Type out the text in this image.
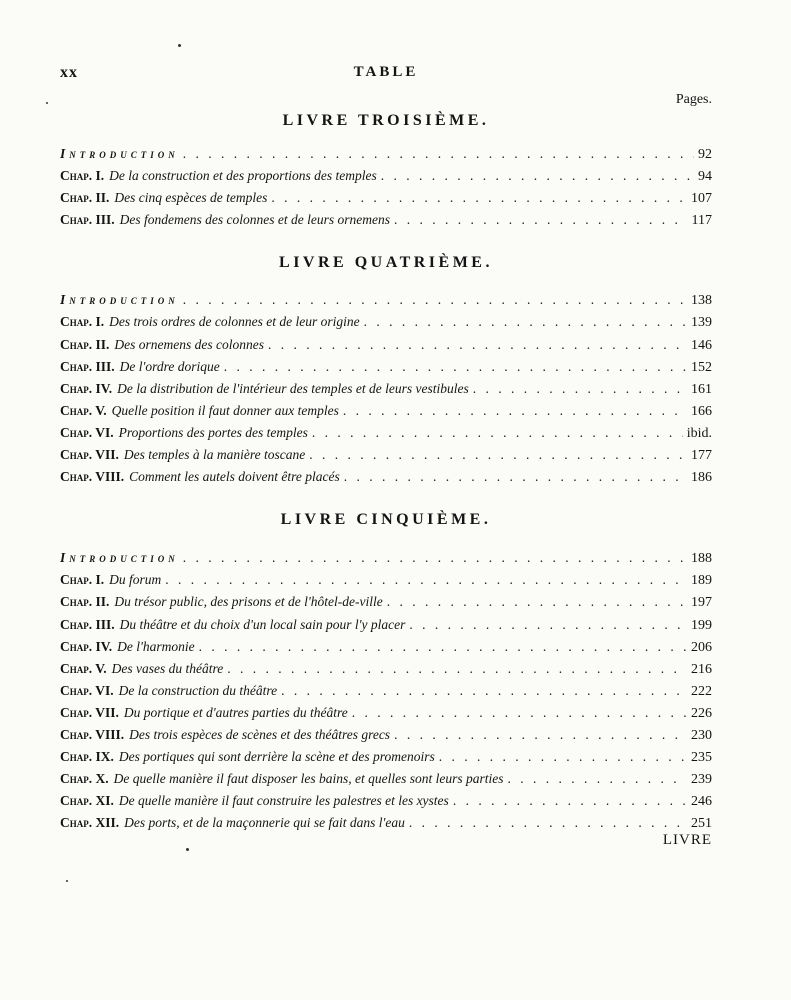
xx	TABLE
Pages.
LIVRE TROISIÈME.
Introduction . . .	92
Chap. I. De la construction et des proportions des temples . . .	94
Chap. II. Des cinq espèces de temples . . .	107
Chap. III. Des fondemens des colonnes et de leurs ornemens . . .	117
LIVRE QUATRIÈME.
Introduction . . .	138
Chap. I. Des trois ordres de colonnes et de leur origine . . .	139
Chap. II. Des ornemens des colonnes . . .	146
Chap. III. De l'ordre dorique . . .	152
Chap. IV. De la distribution de l'intérieur des temples et de leurs vestibules . . .	161
Chap. V. Quelle position il faut donner aux temples . . .	166
Chap. VI. Proportions des portes des temples . . .	ibid.
Chap. VII. Des temples à la manière toscane . . .	177
Chap. VIII. Comment les autels doivent être placés . . .	186
LIVRE CINQUIÈME.
Introduction . . .	188
Chap. I. Du forum . . .	189
Chap. II. Du trésor public, des prisons et de l'hôtel-de-ville . . .	197
Chap. III. Du théâtre et du choix d'un local sain pour l'y placer . . .	199
Chap. IV. De l'harmonie . . .	206
Chap. V. Des vases du théâtre . . .	216
Chap. VI. De la construction du théâtre . . .	222
Chap. VII. Du portique et d'autres parties du théâtre . . .	226
Chap. VIII. Des trois espèces de scènes et des théâtres grecs . . .	230
Chap. IX. Des portiques qui sont derrière la scène et des promenoirs . . .	235
Chap. X. De quelle manière il faut disposer les bains, et quelles sont leurs parties . . .	239
Chap. XI. De quelle manière il faut construire les palestres et les xystes . . .	246
Chap. XII. Des ports, et de la maçonnerie qui se fait dans l'eau . . .	251
LIVRE
